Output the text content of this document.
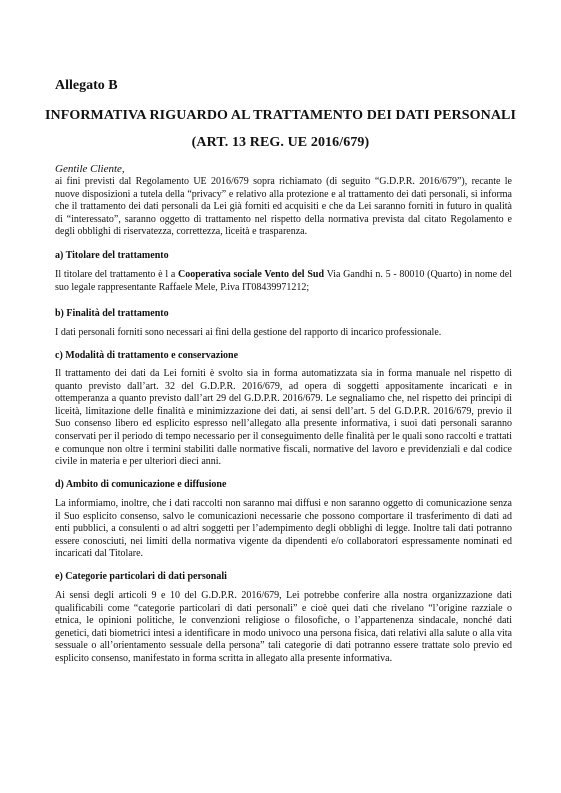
Allegato B
INFORMATIVA RIGUARDO AL TRATTAMENTO DEI DATI PERSONALI
(ART. 13 REG. UE 2016/679)
Gentile Cliente,

ai fini previsti dal Regolamento UE 2016/679 sopra richiamato (di seguito “G.D.P.R. 2016/679”), recante le nuove disposizioni a tutela della “privacy” e relativo alla protezione e al trattamento dei dati personali, si informa che il trattamento dei dati personali da Lei già forniti ed acquisiti e che da Lei saranno forniti in futuro in qualità di “interessato”, saranno oggetto di trattamento nel rispetto della normativa prevista dal citato Regolamento e degli obblighi di riservatezza, correttezza, liceità e trasparenza.

a) Titolare del trattamento

Il titolare del trattamento è l a Cooperativa sociale Vento del Sud Via Gandhi n. 5 - 80010 (Quarto) in nome del suo legale rappresentante Raffaele Mele, P.iva IT08439971212;

b) Finalità del trattamento

I dati personali forniti sono necessari ai fini della gestione del rapporto di incarico professionale.

c) Modalità di trattamento e conservazione

Il trattamento dei dati da Lei forniti è svolto sia in forma automatizzata sia in forma manuale nel rispetto di quanto previsto dall’art. 32 del G.D.P.R. 2016/679, ad opera di soggetti appositamente incaricati e in ottemperanza a quanto previsto dall’art 29 del G.D.P.R. 2016/679. Le segnaliamo che, nel rispetto dei principi di liceità, limitazione delle finalità e minimizzazione dei dati, ai sensi dell’art. 5 del G.D.P.R. 2016/679, previo il Suo consenso libero ed esplicito espresso nell’allegato alla presente informativa, i suoi dati personali saranno conservati per il periodo di tempo necessario per il conseguimento delle finalità per le quali sono raccolti e trattati e comunque non oltre i termini stabiliti dalle normative fiscali, normative del lavoro e previdenziali e dal codice civile in materia e per ulteriori dieci anni.

d) Ambito di comunicazione e diffusione

La informiamo, inoltre, che i dati raccolti non saranno mai diffusi e non saranno oggetto di comunicazione senza il Suo esplicito consenso, salvo le comunicazioni necessarie che possono comportare il trasferimento di dati ad enti pubblici, a consulenti o ad altri soggetti per l’adempimento degli obblighi di legge. Inoltre tali dati potranno essere conosciuti, nei limiti della normativa vigente da dipendenti e/o collaboratori espressamente nominati ed incaricati dal Titolare.

e) Categorie particolari di dati personali

Ai sensi degli articoli 9 e 10 del G.D.P.R. 2016/679, Lei potrebbe conferire alla nostra organizzazione dati qualificabili come “categorie particolari di dati personali” e cioè quei dati che rivelano “l’origine razziale o etnica, le opinioni politiche, le convenzioni religiose o filosofiche, o l’appartenenza sindacale, nonché dati genetici, dati biometrici intesi a identificare in modo univoco una persona fisica, dati relativi alla salute o alla vita sessuale o all’orientamento sessuale della persona” tali categorie di dati potranno essere trattate solo previo ed esplicito consenso, manifestato in forma scritta in allegato alla presente informativa.
